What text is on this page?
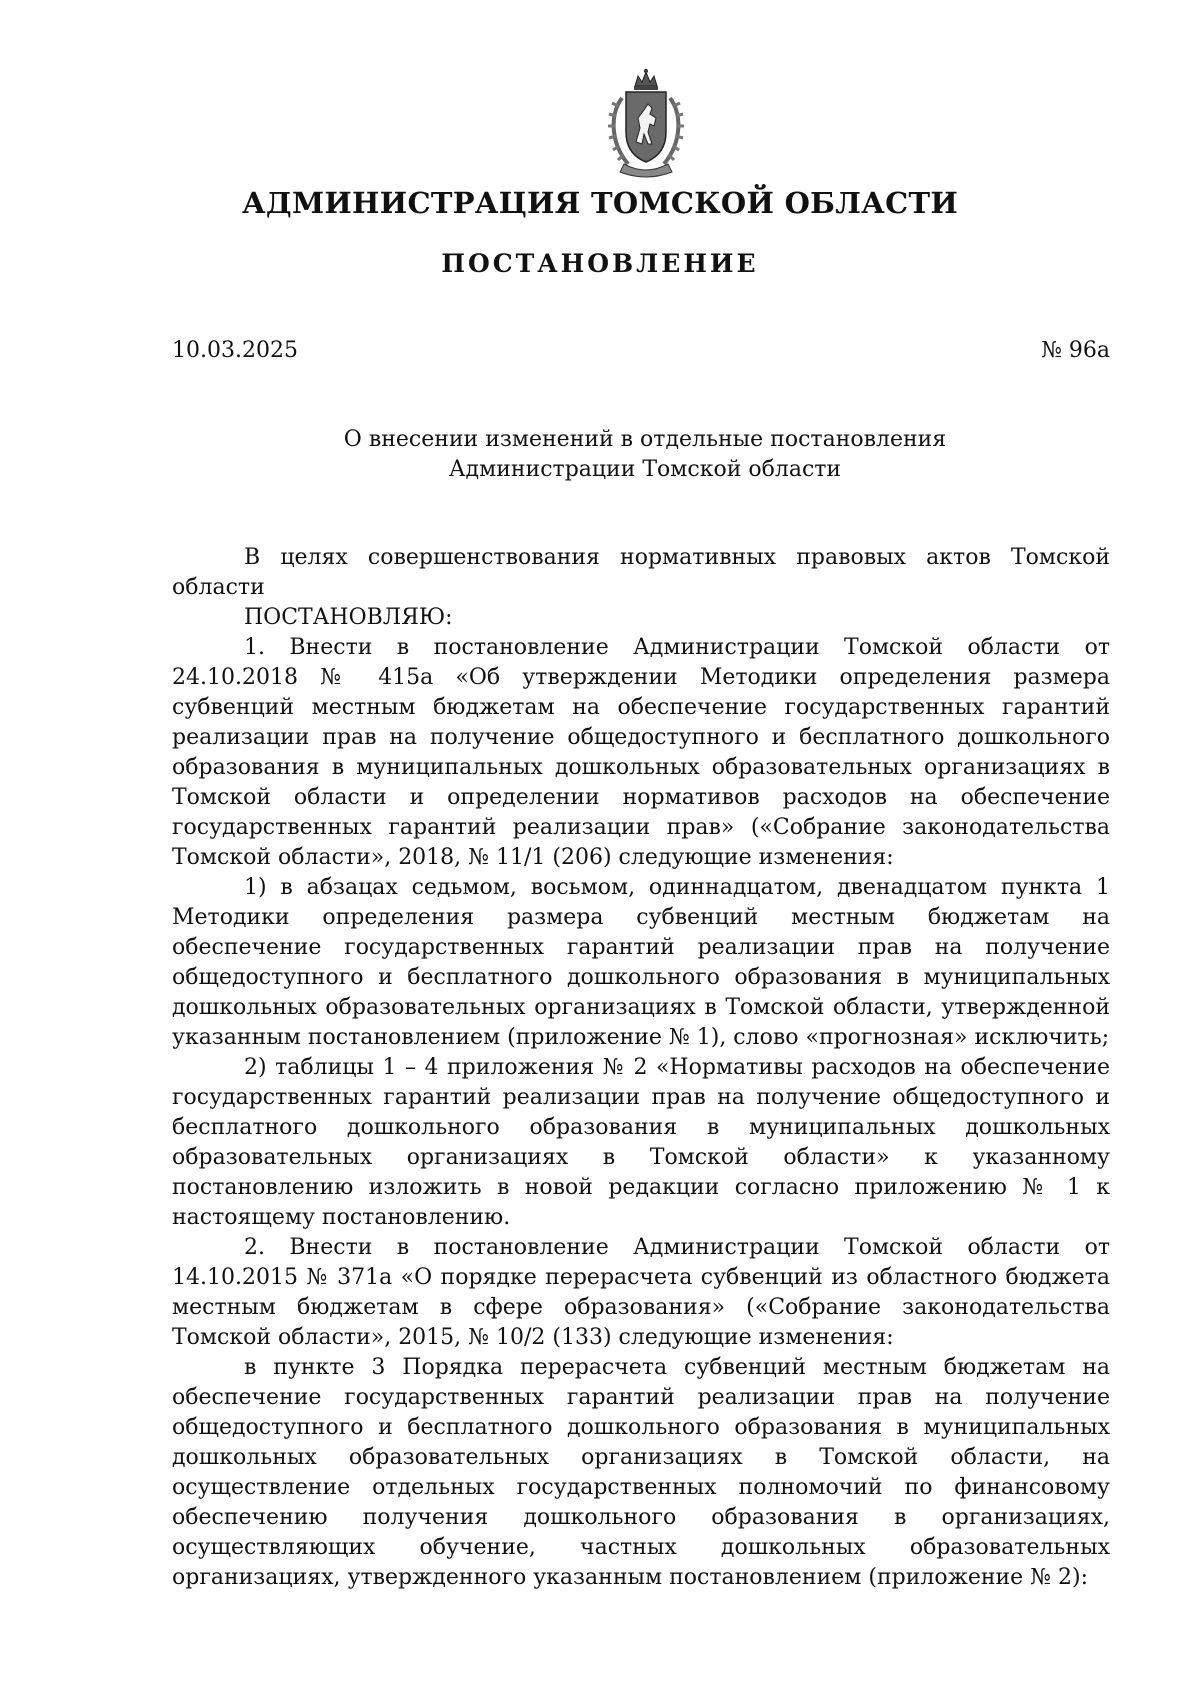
АДМИНИСТРАЦИЯ ТОМСКОЙ ОБЛАСТИ
ПОСТАНОВЛЕНИЕ
10.03.2025	№ 96а
О внесении изменений в отдельные постановления
Администрации Томской области

В целях совершенствования нормативных правовых актов Томской области

ПОСТАНОВЛЯЮ:

1. Внести в постановление Администрации Томской области от 24.10.2018 № 415а «Об утверждении Методики определения размера субвенций местным бюджетам на обеспечение государственных гарантий реализации прав на получение общедоступного и бесплатного дошкольного образования в муниципальных дошкольных образовательных организациях в Томской области и определении нормативов расходов на обеспечение государственных гарантий реализации прав» («Собрание законодательства Томской области», 2018, № 11/1 (206) следующие изменения:

1) в абзацах седьмом, восьмом, одиннадцатом, двенадцатом пункта 1 Методики определения размера субвенций местным бюджетам на обеспечение государственных гарантий реализации прав на получение общедоступного и бесплатного дошкольного образования в муниципальных дошкольных образовательных организациях в Томской области, утвержденной указанным постановлением (приложение № 1), слово «прогнозная» исключить;

2) таблицы 1 – 4 приложения № 2 «Нормативы расходов на обеспечение государственных гарантий реализации прав на получение общедоступного и бесплатного дошкольного образования в муниципальных дошкольных образовательных организациях в Томской области» к указанному постановлению изложить в новой редакции согласно приложению № 1 к настоящему постановлению.

2. Внести в постановление Администрации Томской области от 14.10.2015 № 371а «О порядке перерасчета субвенций из областного бюджета местным бюджетам в сфере образования» («Собрание законодательства Томской области», 2015, № 10/2 (133) следующие изменения:

в пункте 3 Порядка перерасчета субвенций местным бюджетам на обеспечение государственных гарантий реализации прав на получение общедоступного и бесплатного дошкольного образования в муниципальных дошкольных образовательных организациях в Томской области, на осуществление отдельных государственных полномочий по финансовому обеспечению получения дошкольного образования в организациях, осуществляющих обучение, частных дошкольных образовательных организациях, утвержденного указанным постановлением (приложение № 2):
